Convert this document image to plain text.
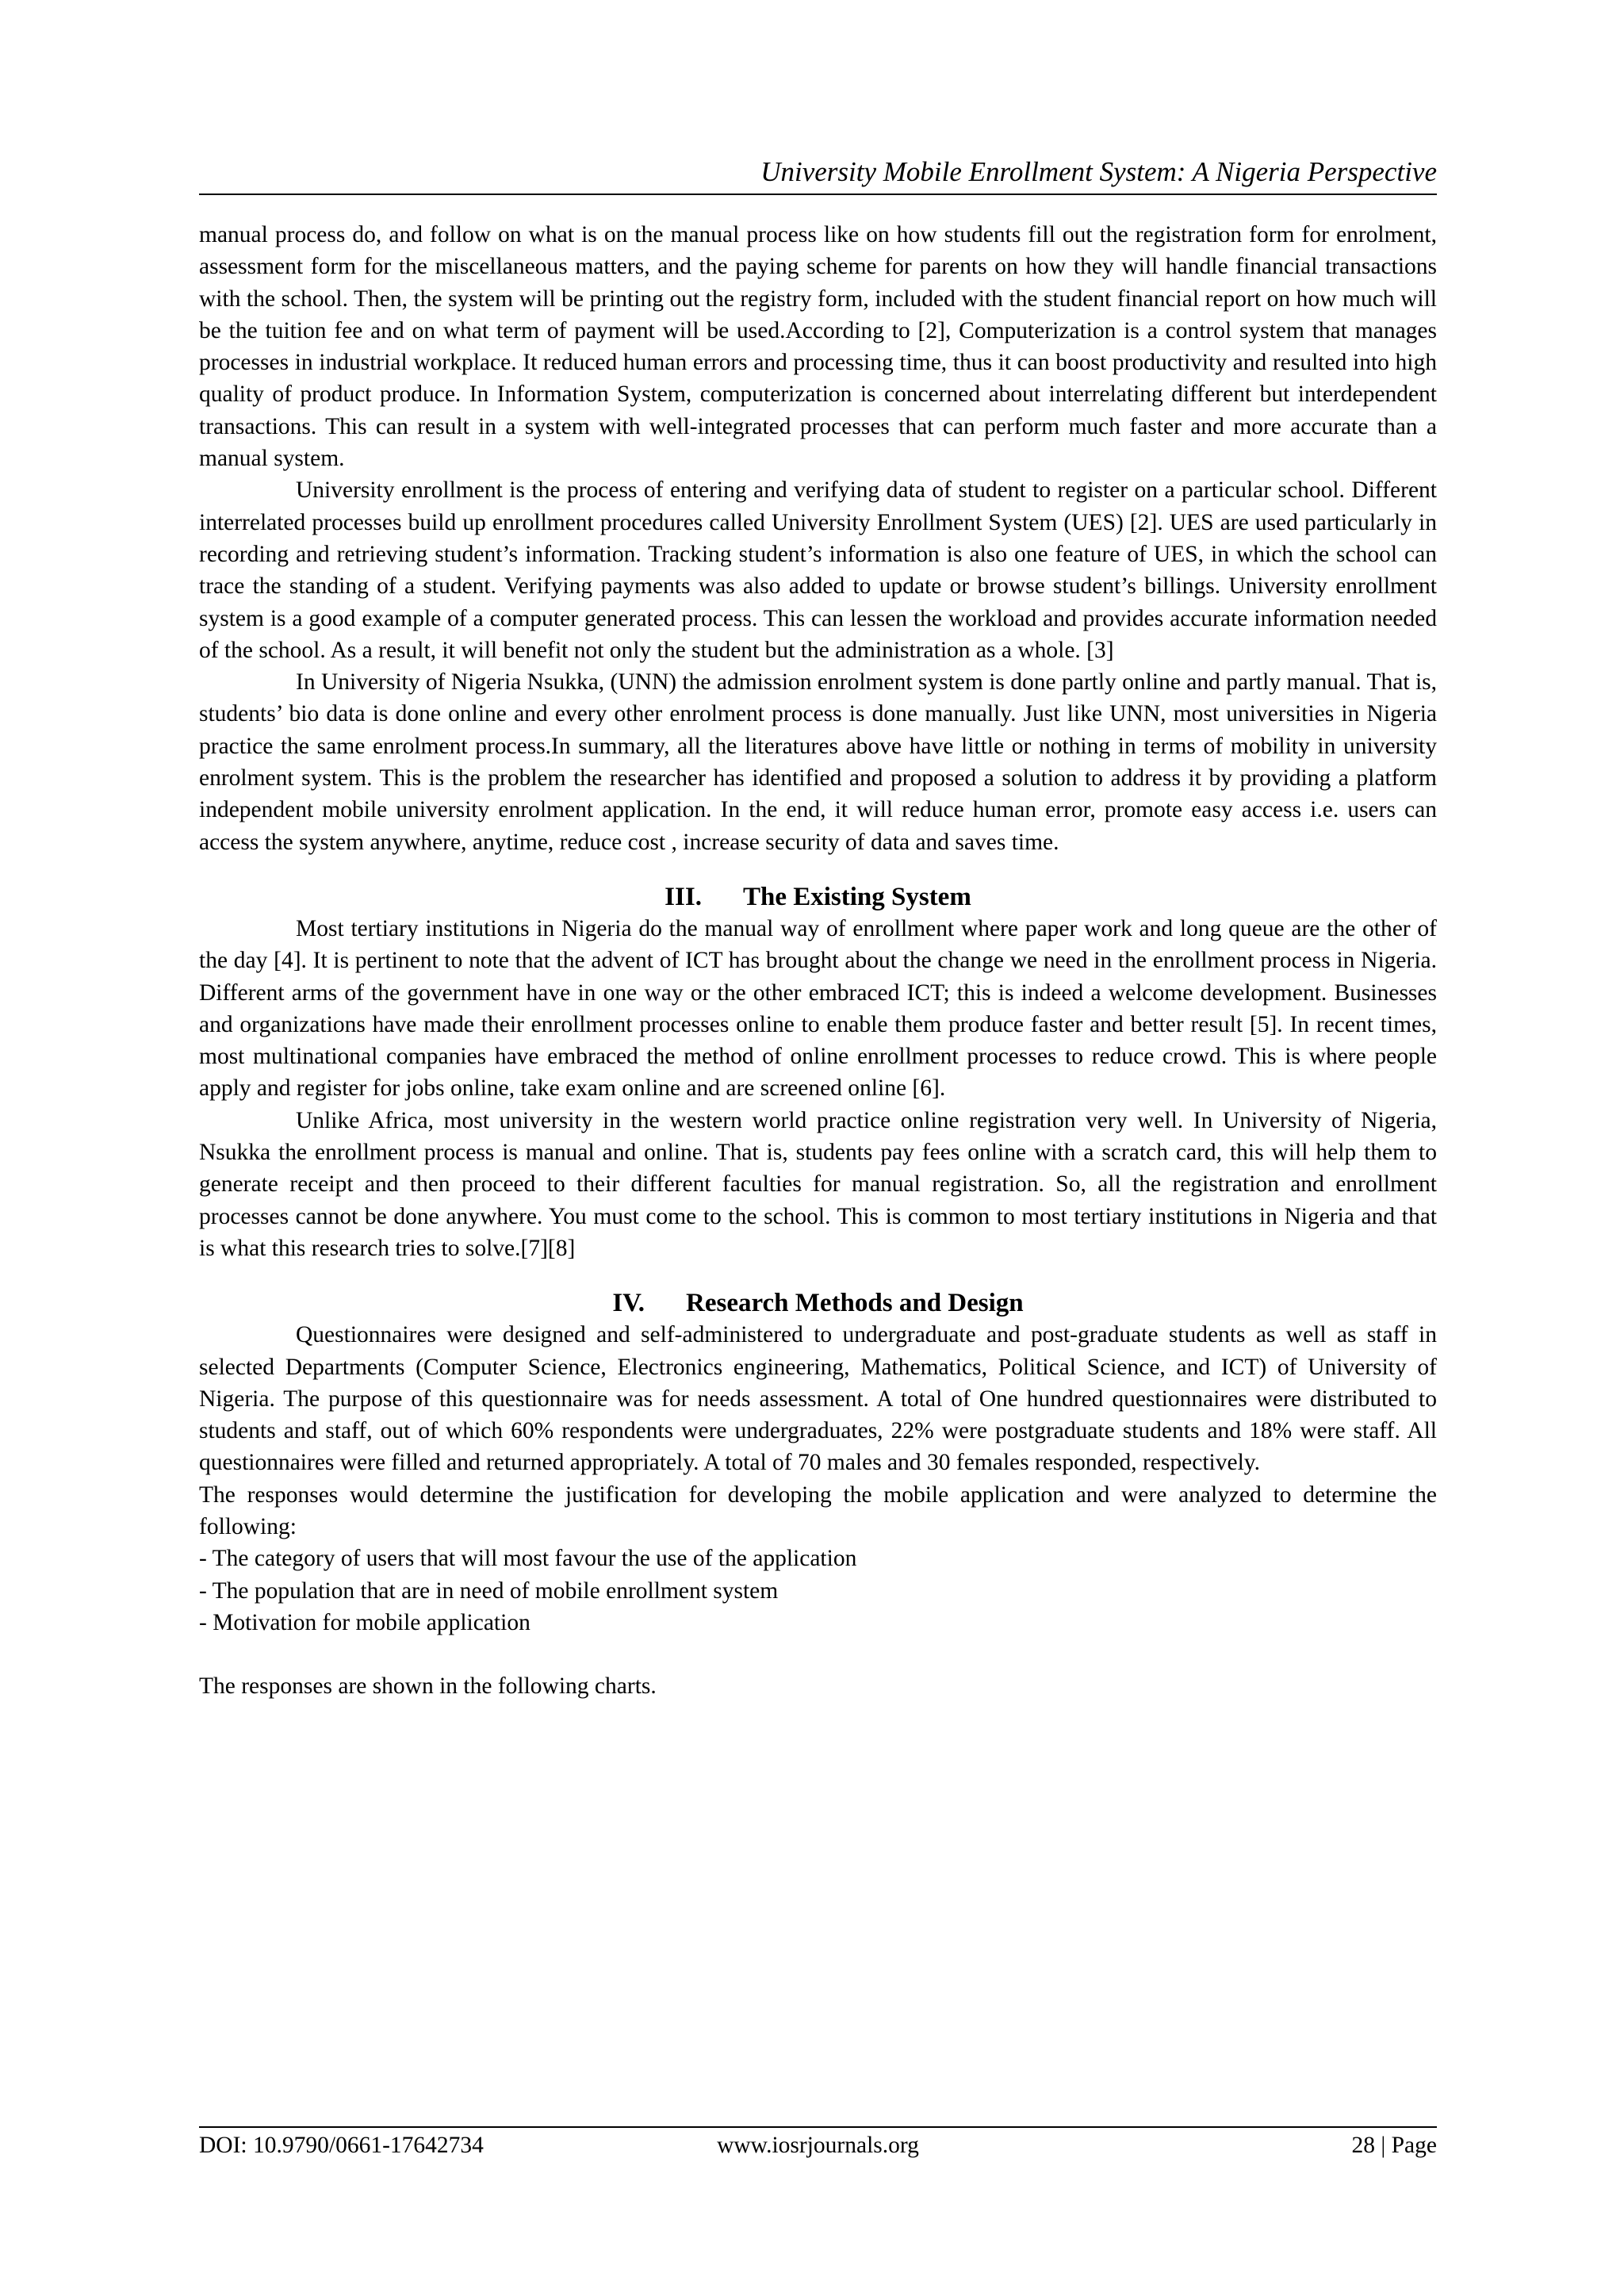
University Mobile Enrollment System: A Nigeria Perspective

manual process do, and follow on what is on the manual process like on how students fill out the registration form for enrolment, assessment form for the miscellaneous matters, and the paying scheme for parents on how they will handle financial transactions with the school. Then, the system will be printing out the registry form, included with the student financial report on how much will be the tuition fee and on what term of payment will be used.According to [2], Computerization is a control system that manages processes in industrial workplace. It reduced human errors and processing time, thus it can boost productivity and resulted into high quality of product produce. In Information System, computerization is concerned about interrelating different but interdependent transactions. This can result in a system with well-integrated processes that can perform much faster and more accurate than a manual system.

University enrollment is the process of entering and verifying data of student to register on a particular school. Different interrelated processes build up enrollment procedures called University Enrollment System (UES) [2]. UES are used particularly in recording and retrieving student’s information. Tracking student’s information is also one feature of UES, in which the school can trace the standing of a student. Verifying payments was also added to update or browse student’s billings. University enrollment system is a good example of a computer generated process. This can lessen the workload and provides accurate information needed of the school. As a result, it will benefit not only the student but the administration as a whole. [3]

In University of Nigeria Nsukka, (UNN) the admission enrolment system is done partly online and partly manual. That is, students’ bio data is done online and every other enrolment process is done manually. Just like UNN, most universities in Nigeria practice the same enrolment process.In summary, all the literatures above have little or nothing in terms of mobility in university enrolment system. This is the problem the researcher has identified and proposed a solution to address it by providing a platform independent mobile university enrolment application. In the end, it will reduce human error, promote easy access i.e. users can access the system anywhere, anytime, reduce cost , increase security of data and saves time.

III. The Existing System

Most tertiary institutions in Nigeria do the manual way of enrollment where paper work and long queue are the other of the day [4]. It is pertinent to note that the advent of ICT has brought about the change we need in the enrollment process in Nigeria. Different arms of the government have in one way or the other embraced ICT; this is indeed a welcome development. Businesses and organizations have made their enrollment processes online to enable them produce faster and better result [5]. In recent times, most multinational companies have embraced the method of online enrollment processes to reduce crowd. This is where people apply and register for jobs online, take exam online and are screened online [6].

Unlike Africa, most university in the western world practice online registration very well. In University of Nigeria, Nsukka the enrollment process is manual and online. That is, students pay fees online with a scratch card, this will help them to generate receipt and then proceed to their different faculties for manual registration. So, all the registration and enrollment processes cannot be done anywhere. You must come to the school. This is common to most tertiary institutions in Nigeria and that is what this research tries to solve.[7][8]

IV. Research Methods and Design

Questionnaires were designed and self-administered to undergraduate and post-graduate students as well as staff in selected Departments (Computer Science, Electronics engineering, Mathematics, Political Science, and ICT) of University of Nigeria. The purpose of this questionnaire was for needs assessment. A total of One hundred questionnaires were distributed to students and staff, out of which 60% respondents were undergraduates, 22% were postgraduate students and 18% were staff. All questionnaires were filled and returned appropriately. A total of 70 males and 30 females responded, respectively.

The responses would determine the justification for developing the mobile application and were analyzed to determine the following:

- The category of users that will most favour the use of the application

- The population that are in need of mobile enrollment system

- Motivation for mobile application

The responses are shown in the following charts.

DOI: 10.9790/0661-17642734	www.iosrjournals.org	28 | Page
